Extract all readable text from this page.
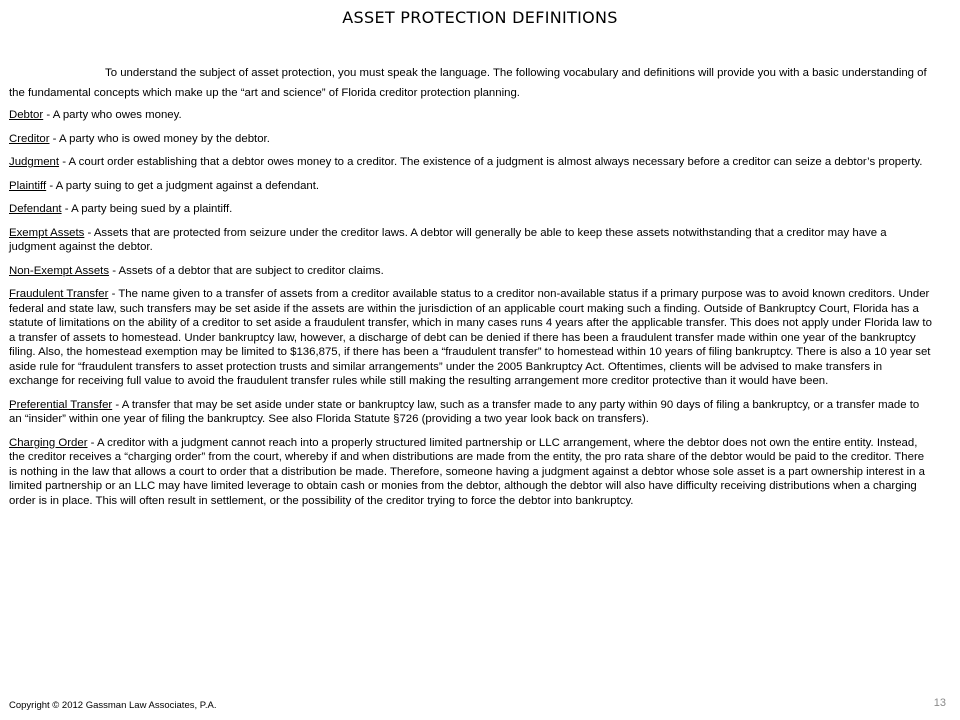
ASSET PROTECTION DEFINITIONS

To understand the subject of asset protection, you must speak the language. The following vocabulary and definitions will provide you with a basic understanding of the fundamental concepts which make up the “art and science” of Florida creditor protection planning.

Debtor - A party who owes money.

Creditor - A party who is owed money by the debtor.

Judgment - A court order establishing that a debtor owes money to a creditor. The existence of a judgment is almost always necessary before a creditor can seize a debtor’s property.

Plaintiff - A party suing to get a judgment against a defendant.

Defendant - A party being sued by a plaintiff.

Exempt Assets - Assets that are protected from seizure under the creditor laws. A debtor will generally be able to keep these assets notwithstanding that a creditor may have a judgment against the debtor.

Non-Exempt Assets - Assets of a debtor that are subject to creditor claims.

Fraudulent Transfer - The name given to a transfer of assets from a creditor available status to a creditor non-available status if a primary purpose was to avoid known creditors. Under federal and state law, such transfers may be set aside if the assets are within the jurisdiction of an applicable court making such a finding. Outside of Bankruptcy Court, Florida has a statute of limitations on the ability of a creditor to set aside a fraudulent transfer, which in many cases runs 4 years after the applicable transfer. This does not apply under Florida law to a transfer of assets to homestead. Under bankruptcy law, however, a discharge of debt can be denied if there has been a fraudulent transfer made within one year of the bankruptcy filing. Also, the homestead exemption may be limited to $136,875, if there has been a “fraudulent transfer” to homestead within 10 years of filing bankruptcy. There is also a 10 year set aside rule for “fraudulent transfers to asset protection trusts and similar arrangements” under the 2005 Bankruptcy Act. Oftentimes, clients will be advised to make transfers in exchange for receiving full value to avoid the fraudulent transfer rules while still making the resulting arrangement more creditor protective than it would have been.

Preferential Transfer - A transfer that may be set aside under state or bankruptcy law, such as a transfer made to any party within 90 days of filing a bankruptcy, or a transfer made to an “insider” within one year of filing the bankruptcy. See also Florida Statute §726 (providing a two year look back on transfers).

Charging Order - A creditor with a judgment cannot reach into a properly structured limited partnership or LLC arrangement, where the debtor does not own the entire entity. Instead, the creditor receives a “charging order” from the court, whereby if and when distributions are made from the entity, the pro rata share of the debtor would be paid to the creditor. There is nothing in the law that allows a court to order that a distribution be made. Therefore, someone having a judgment against a debtor whose sole asset is a part ownership interest in a limited partnership or an LLC may have limited leverage to obtain cash or monies from the debtor, although the debtor will also have difficulty receiving distributions when a charging order is in place. This will often result in settlement, or the possibility of the creditor trying to force the debtor into bankruptcy.

Copyright © 2012 Gassman Law Associates, P.A.	13
